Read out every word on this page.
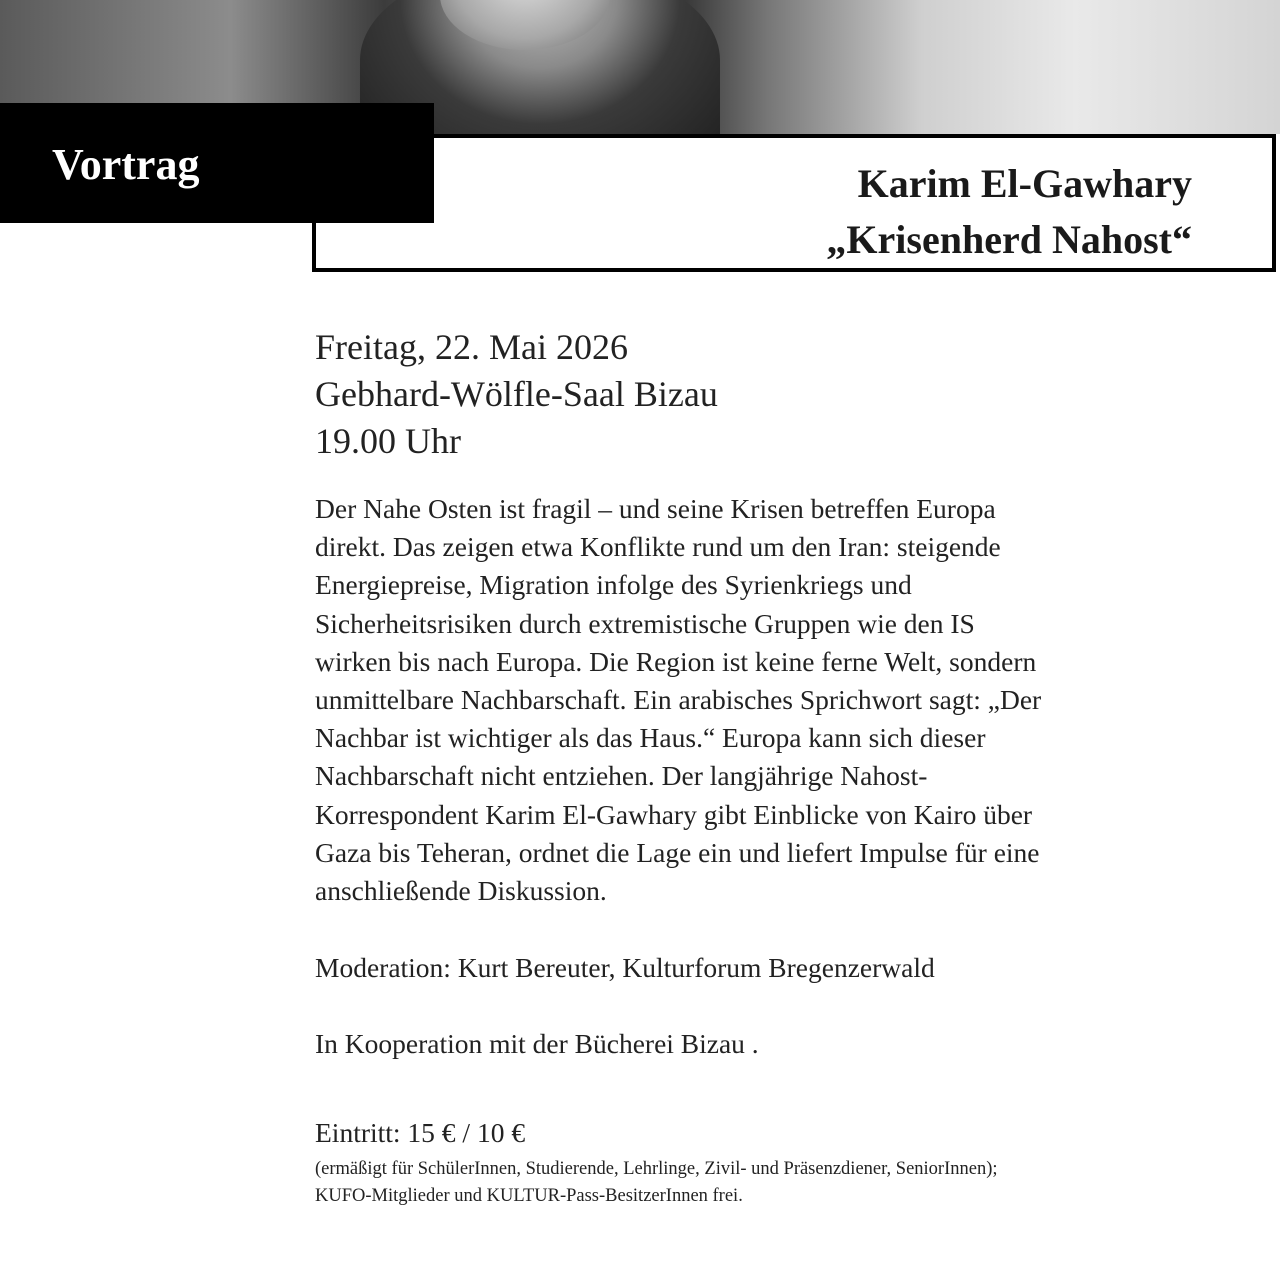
Vortrag	Karim El-Gawhary
„Krisenherd Nahost“
Freitag, 22. Mai 2026
Gebhard-Wölfle-Saal Bizau
19.00 Uhr
Der Nahe Osten ist fragil – und seine Krisen betreffen Europa
direkt. Das zeigen etwa Konflikte rund um den Iran: steigende
Energiepreise, Migration infolge des Syrienkriegs und
Sicherheitsrisiken durch extremistische Gruppen wie den IS
wirken bis nach Europa. Die Region ist keine ferne Welt, sondern
unmittelbare Nachbarschaft. Ein arabisches Sprichwort sagt: „Der
Nachbar ist wichtiger als das Haus.“ Europa kann sich dieser
Nachbarschaft nicht entziehen. Der langjährige Nahost-
Korrespondent Karim El-Gawhary gibt Einblicke von Kairo über
Gaza bis Teheran, ordnet die Lage ein und liefert Impulse für eine
anschließende Diskussion.
Moderation: Kurt Bereuter, Kulturforum Bregenzerwald
In Kooperation mit der Bücherei Bizau .
Eintritt: 15 € / 10 €
(ermäßigt für SchülerInnen, Studierende, Lehrlinge, Zivil- und Präsenzdiener, SeniorInnen);
KUFO-Mitglieder und KULTUR-Pass-BesitzerInnen frei.
